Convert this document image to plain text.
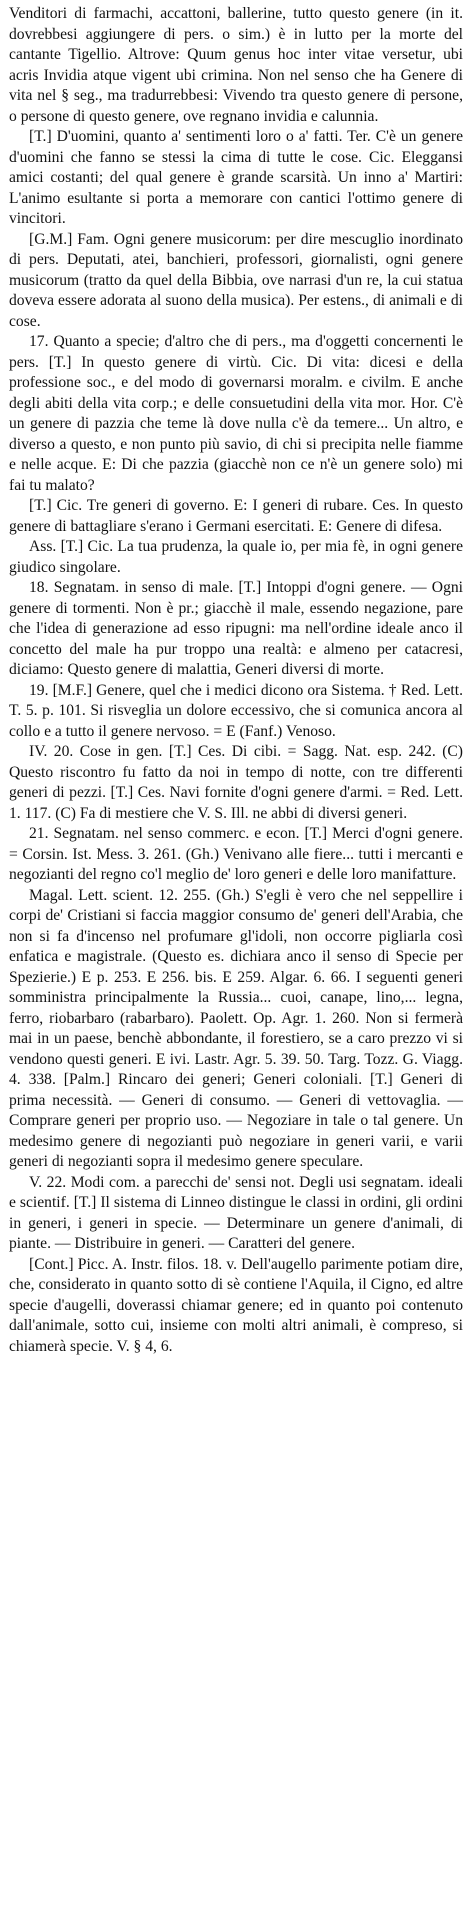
Venditori di farmachi, accattoni, ballerine, tutto questo genere (in it. dovrebbesi aggiungere di pers. o sim.) è in lutto per la morte del cantante Tigellio. Altrove: Quum genus hoc inter vitae versetur, ubi acris Invidia atque vigent ubi crimina. Non nel senso che ha Genere di vita nel § seg., ma tradurrebbesi: Vivendo tra questo genere di persone, o persone di questo genere, ove regnano invidia e calunnia.

[T.] D'uomini, quanto a' sentimenti loro o a' fatti. Ter. C'è un genere d'uomini che fanno se stessi la cima di tutte le cose. Cic. Eleggansi amici costanti; del qual genere è grande scarsità. Un inno a' Martiri: L'animo esultante si porta a memorare con cantici l'ottimo genere di vincitori.

[G.M.] Fam. Ogni genere musicorum: per dire mescuglio inordinato di pers. Deputati, atei, banchieri, professori, giornalisti, ogni genere musicorum (tratto da quel della Bibbia, ove narrasi d'un re, la cui statua doveva essere adorata al suono della musica). Per estens., di animali e di cose.

17. Quanto a specie; d'altro che di pers., ma d'oggetti concernenti le pers. [T.] In questo genere di virtù. Cic. Di vita: dicesi e della professione soc., e del modo di governarsi moralm. e civilm. E anche degli abiti della vita corp.; e delle consuetudini della vita mor. Hor. C'è un genere di pazzia che teme là dove nulla c'è da temere... Un altro, e diverso a questo, e non punto più savio, di chi si precipita nelle fiamme e nelle acque. E: Di che pazzia (giacchè non ce n'è un genere solo) mi fai tu malato?

[T.] Cic. Tre generi di governo. E: I generi di rubare. Ces. In questo genere di battagliare s'erano i Germani esercitati. E: Genere di difesa.

Ass. [T.] Cic. La tua prudenza, la quale io, per mia fè, in ogni genere giudico singolare.

18. Segnatam. in senso di male. [T.] Intoppi d'ogni genere. — Ogni genere di tormenti. Non è pr.; giacchè il male, essendo negazione, pare che l'idea di generazione ad esso ripugni: ma nell'ordine ideale anco il concetto del male ha pur troppo una realtà: e almeno per catacresi, diciamo: Questo genere di malattia, Generi diversi di morte.

19. [M.F.] Genere, quel che i medici dicono ora Sistema. † Red. Lett. T. 5. p. 101. Si risveglia un dolore eccessivo, che si comunica ancora al collo e a tutto il genere nervoso. = E (Fanf.) Venoso.

IV. 20. Cose in gen. [T.] Ces. Di cibi. = Sagg. Nat. esp. 242. (C) Questo riscontro fu fatto da noi in tempo di notte, con tre differenti generi di pezzi. [T.] Ces. Navi fornite d'ogni genere d'armi. = Red. Lett. 1. 117. (C) Fa di mestiere che V. S. Ill. ne abbi di diversi generi.

21. Segnatam. nel senso commerc. e econ. [T.] Merci d'ogni genere. = Corsin. Ist. Mess. 3. 261. (Gh.) Venivano alle fiere... tutti i mercanti e negozianti del regno co'l meglio de' loro generi e delle loro manifatture.

Magal. Lett. scient. 12. 255. (Gh.) S'egli è vero che nel seppellire i corpi de' Cristiani si faccia maggior consumo de' generi dell'Arabia, che non si fa d'incenso nel profumare gl'idoli, non occorre pigliarla così enfatica e magistrale. (Questo es. dichiara anco il senso di Specie per Spezierie.) E p. 253. E 256. bis. E 259. Algar. 6. 66. I seguenti generi somministra principalmente la Russia... cuoi, canape, lino,... legna, ferro, riobarbaro (rabarbaro). Paolett. Op. Agr. 1. 260. Non si fermerà mai in un paese, benchè abbondante, il forestiero, se a caro prezzo vi si vendono questi generi. E ivi. Lastr. Agr. 5. 39. 50. Targ. Tozz. G. Viagg. 4. 338. [Palm.] Rincaro dei generi; Generi coloniali. [T.] Generi di prima necessità. — Generi di consumo. — Generi di vettovaglia. — Comprare generi per proprio uso. — Negoziare in tale o tal genere. Un medesimo genere di negozianti può negoziare in generi varii, e varii generi di negozianti sopra il medesimo genere speculare.

V. 22. Modi com. a parecchi de' sensi not. Degli usi segnatam. ideali e scientif. [T.] Il sistema di Linneo distingue le classi in ordini, gli ordini in generi, i generi in specie. — Determinare un genere d'animali, di piante. — Distribuire in generi. — Caratteri del genere.

[Cont.] Picc. A. Instr. filos. 18. v. Dell'augello parimente potiam dire, che, considerato in quanto sotto di sè contiene l'Aquila, il Cigno, ed altre specie d'augelli, doverassi chiamar genere; ed in quanto poi contenuto dall'animale, sotto cui, insieme con molti altri animali, è compreso, si chiamerà specie. V. § 4, 6.
